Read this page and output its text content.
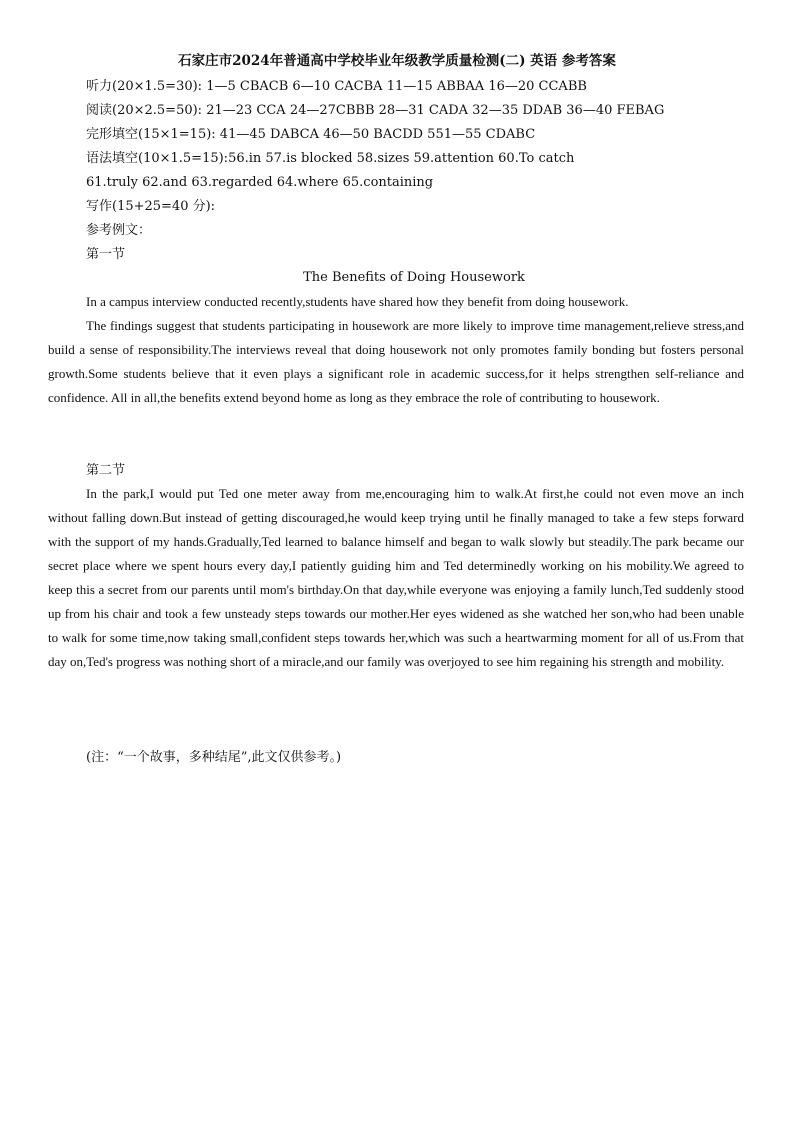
石家庄市2024年普通高中学校毕业年级教学质量检测(二) 英语 参考答案
听力(20×1.5=30): 1—5 CBACB 6—10 CACBA 11—15 ABBAA 16—20 CCABB
阅读(20×2.5=50): 21—23 CCA 24—27CBBB 28—31 CADA 32—35 DDAB 36—40 FEBAG
完形填空(15×1=15): 41—45 DABCA 46—50 BACDD 551—55 CDABC
语法填空(10×1.5=15):56.in 57.is blocked 58.sizes 59.attention 60.To catch
61.truly 62.and 63.regarded 64.where 65.containing
写作(15+25=40 分):
参考例文：
第一节
The Benefits of Doing Housework

In a campus interview conducted recently,students have shared how they benefit from doing housework.

The findings suggest that students participating in housework are more likely to improve time management,relieve stress,and build a sense of responsibility.The interviews reveal that doing housework not only promotes family bonding but fosters personal growth.Some students believe that it even plays a significant role in academic success,for it helps strengthen self-reliance and confidence. All in all,the benefits extend beyond home as long as they embrace the role of contributing to housework.

第二节

In the park,I would put Ted one meter away from me,encouraging him to walk.At first,he could not even move an inch without falling down.But instead of getting discouraged,he would keep trying until he finally managed to take a few steps forward with the support of my hands.Gradually,Ted learned to balance himself and began to walk slowly but steadily.The park became our secret place where we spent hours every day,I patiently guiding him and Ted determinedly working on his mobility.We agreed to keep this a secret from our parents until mom's birthday.On that day,while everyone was enjoying a family lunch,Ted suddenly stood up from his chair and took a few unsteady steps towards our mother.Her eyes widened as she watched her son,who had been unable to walk for some time,now taking small,confident steps towards her,which was such a heartwarming moment for all of us.From that day on,Ted's progress was nothing short of a miracle,and our family was overjoyed to see him regaining his strength and mobility.

(注：“一个故事，多种结尾”,此文仅供参考。)
